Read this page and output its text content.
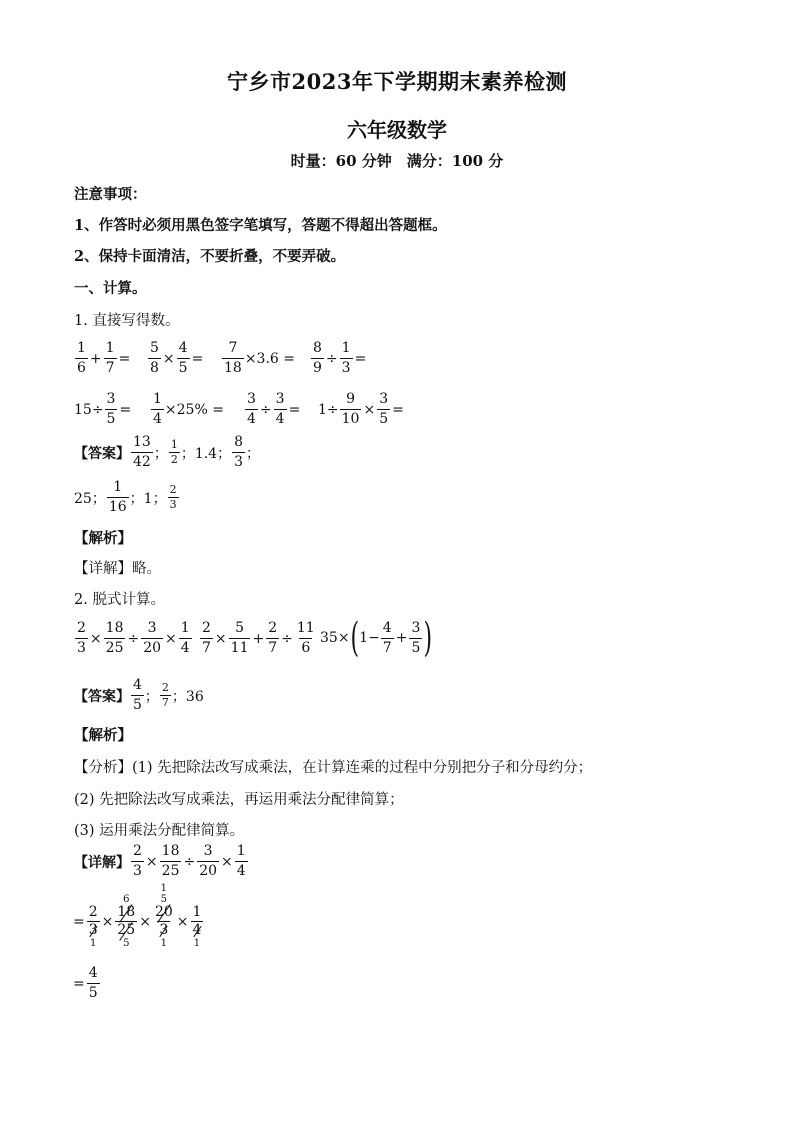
宁乡市2023年下学期期末素养检测
六年级数学
时量：60 分钟　满分：100 分
注意事项：
1、作答时必须用黑色签字笔填写，答题不得超出答题框。
2、保持卡面清洁，不要折叠，不要弄破。
一、计算。
1. 直接写得数。
1
6
+ $\frac{1}{7} = \frac{5}{8} \times \frac{4}{5} = \frac{7}{18} \times 3.6 = \frac{8}{9} \div \frac{1}{3}$ =
$15\div \frac{3}{5} = \frac{1}{4} \times 25\% = \frac{3}{4} \div \frac{3}{4} = 1\div \frac{9}{10} \times \frac{3}{5}$ =
【答案】
13
42
；
1
2 ；1.4；
8
3
；
25；
1
16
；1；
2
3
【解析】
【详解】略。
2. 脱式计算。
$\frac{2}{3} \times \frac{18}{25} \div \frac{3}{20} \times \frac{1}{4} \frac{2}{7} \times \frac{5}{11} + \frac{2}{7} \div \frac{11}{6} 35\times$ ( $1- \frac{4}{7} + \frac{3}{5}$ )
【答案】
4
5
；
2
7 ；36
【解析】
【分析】(1) 先把除法改写成乘法，在计算连乘的过程中分别把分子和分母约分；
(2) 先把除法改写成乘法，再运用乘法分配律简算；
(3) 运用乘法分配律简算。
【详解】 $\frac{2}{3} \times \frac{18}{25} \div \frac{3}{20} \times \frac{1}{4}$
= 2
3
1 × 6
18
25
5 × 1
5
20
3
1 × 1
4
1
= $\frac{4}{5}$
